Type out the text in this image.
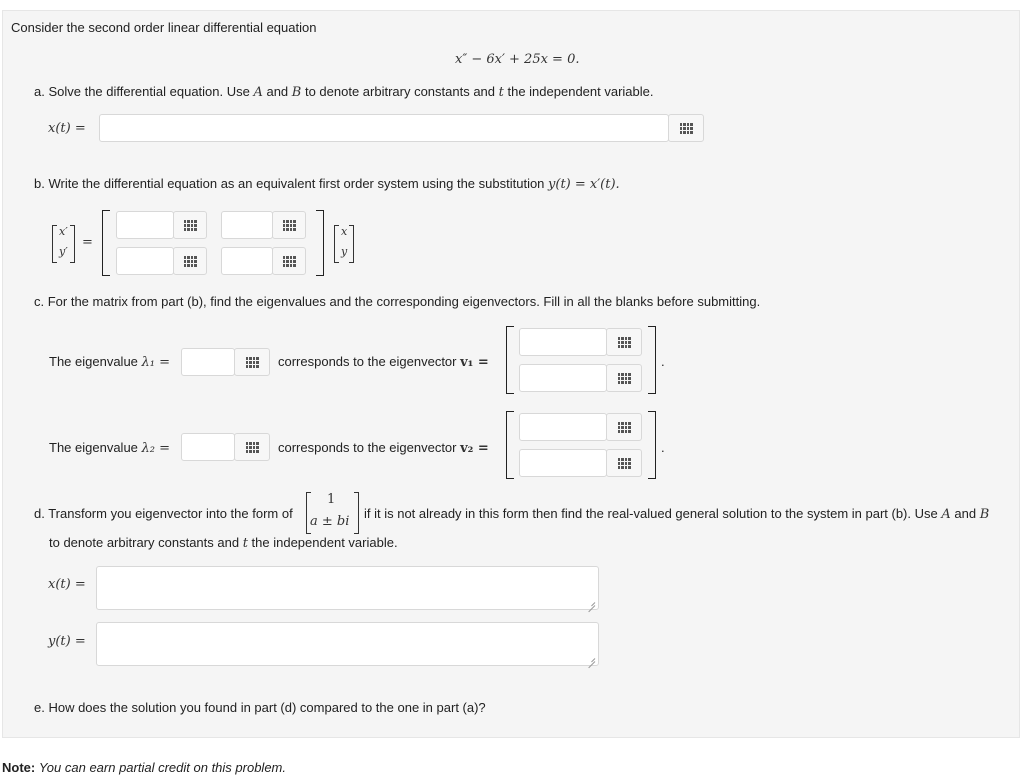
Consider the second order linear differential equation
x″ − 6x′ + 25x = 0.
a. Solve the differential equation. Use A and B to denote arbitrary constants and t the independent variable.
x(t) =
b. Write the differential equation as an equivalent first order system using the substitution y(t) = x′(t).
x′
y′
=
x
y
c. For the matrix from part (b), find the eigenvalues and the corresponding eigenvectors. Fill in all the blanks before submitting.
The eigenvalue λ₁ =	corresponds to the eigenvector v₁ =	.
The eigenvalue λ₂ =	corresponds to the eigenvector v₂ =	.
d. Transform you eigenvector into the form of
1
a ± bi
if it is not already in this form then find the real-valued general solution to the system in part (b). Use A and B
to denote arbitrary constants and t the independent variable.
x(t) =
y(t) =
e. How does the solution you found in part (d) compared to the one in part (a)?
Note: You can earn partial credit on this problem.
